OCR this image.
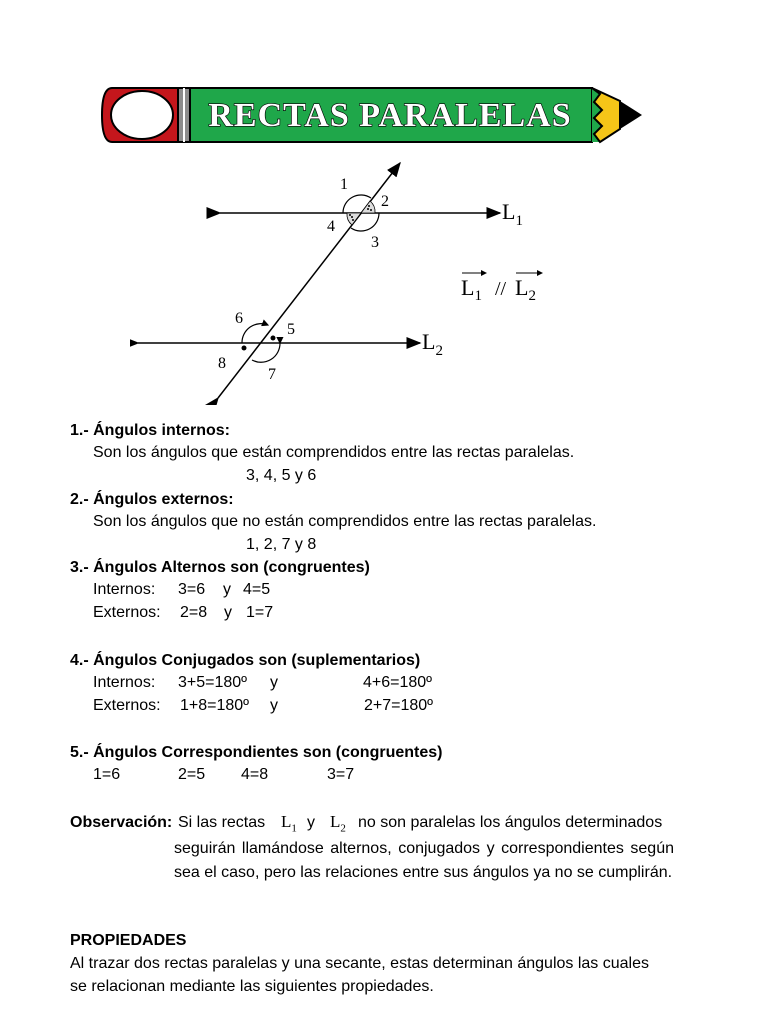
RECTAS PARALELAS
1
2
3
4
5
6
7
8
$L_1$
$L_2$
$L_1 // L_2$
1.- Ángulos internos:
Son los ángulos que están comprendidos entre las rectas paralelas.
3, 4, 5 y 6
2.- Ángulos externos:
Son los ángulos que no están comprendidos entre las rectas paralelas.
1, 2, 7 y 8
3.- Ángulos Alternos son (congruentes)
Internos: 3=6 y 4=5
Externos: 2=8 y 1=7
4.- Ángulos Conjugados son (suplementarios)
Internos: 3+5=180º y	4+6=180º
Externos: 1+8=180º y	2+7=180º
5.- Ángulos Correspondientes son (congruentes)
1=6	2=5 4=8	3=7
Observación: Si las rectas $L_1$ y $L_2$ no son paralelas los ángulos determinados
seguirán llamándose alternos, conjugados y correspondientes según sea el caso, pero las relaciones entre sus ángulos ya no se cumplirán.
PROPIEDADES
Al trazar dos rectas paralelas y una secante, estas determinan ángulos las cuales
se relacionan mediante las siguientes propiedades.
